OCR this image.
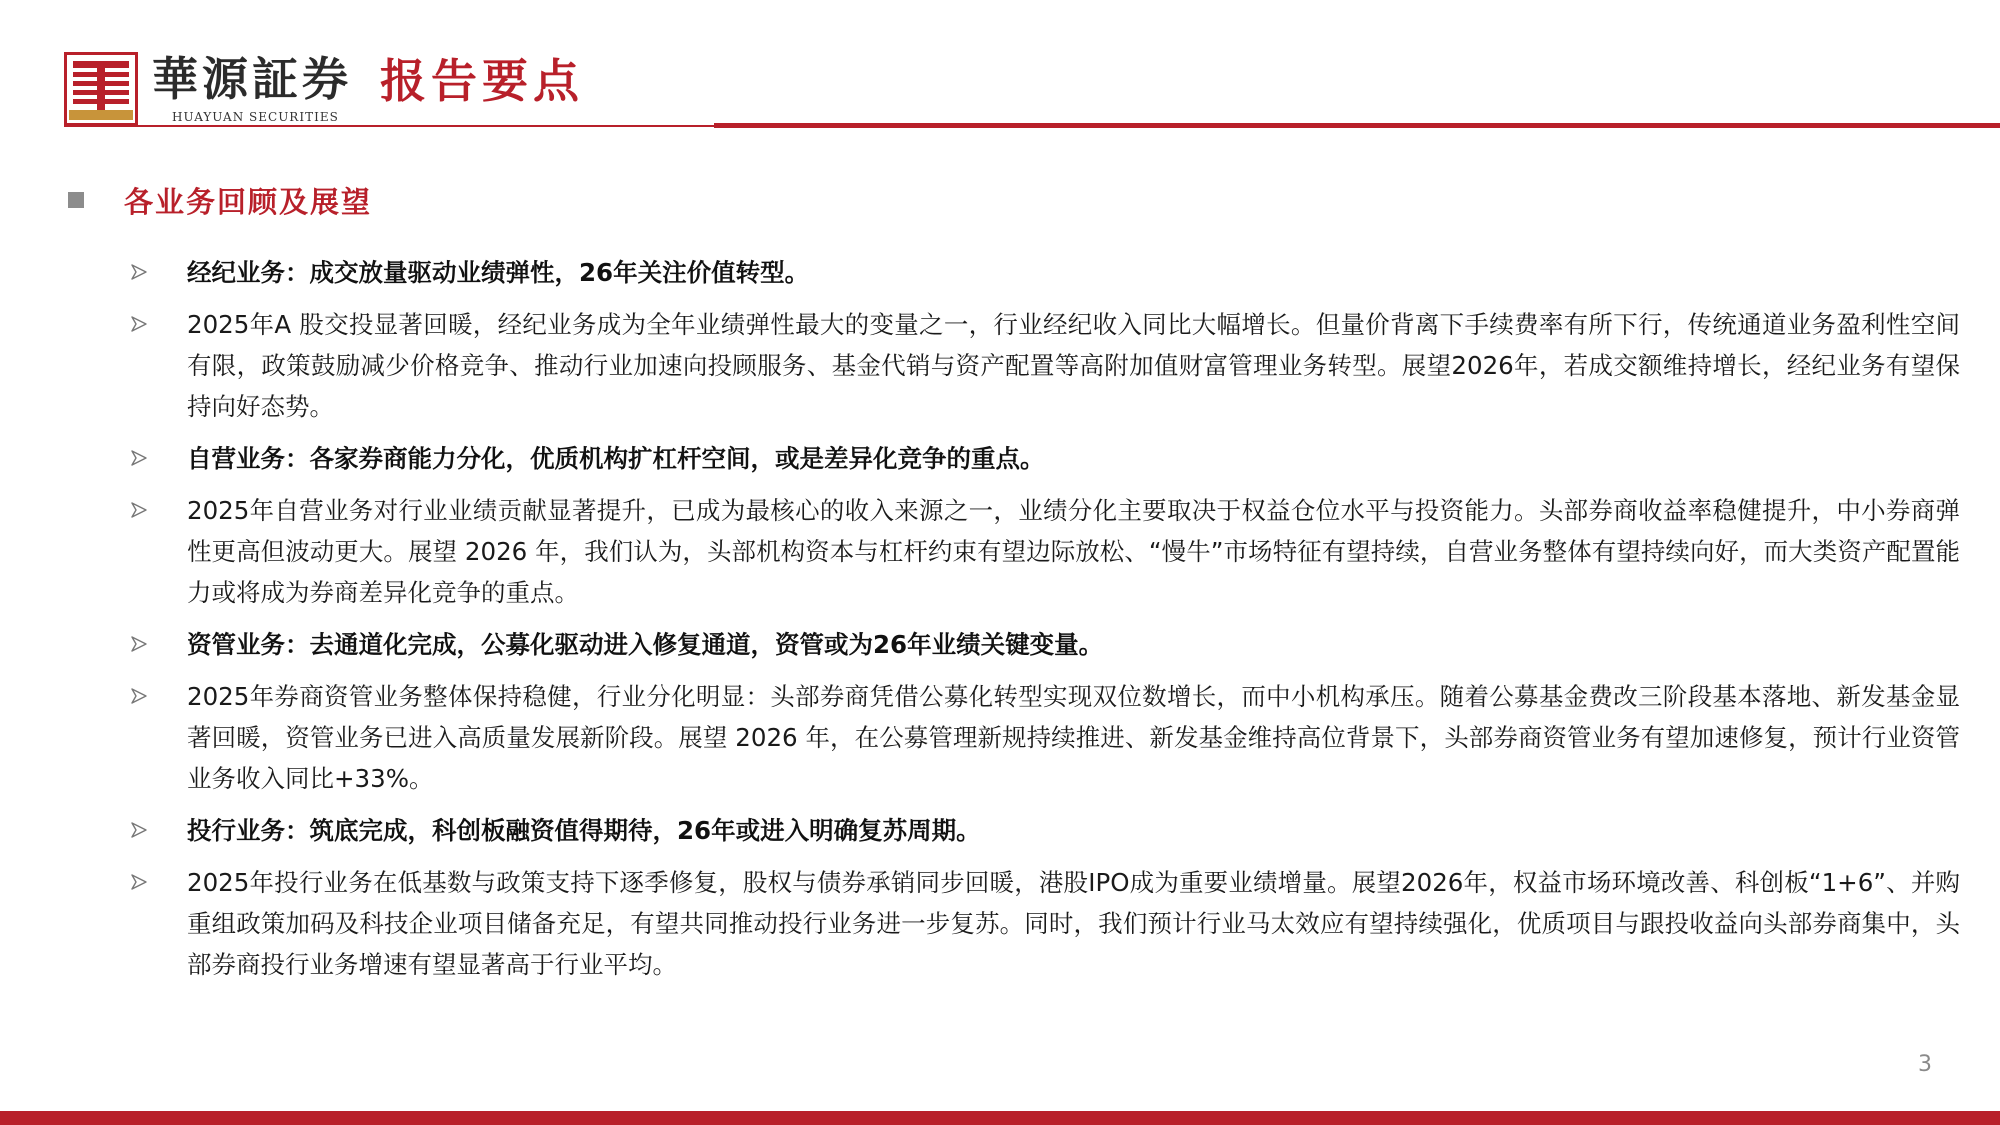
華源証券
HUAYUAN SECURITIES
报告要点
各业务回顾及展望
经纪业务：成交放量驱动业绩弹性，26年关注价值转型。
2025年A 股交投显著回暖，经纪业务成为全年业绩弹性最大的变量之一，行业经纪收入同比大幅增长。但量价背离下手续费率有所下行，传统通道业务盈利性空间有限，政策鼓励减少价格竞争、推动行业加速向投顾服务、基金代销与资产配置等高附加值财富管理业务转型。展望2026年，若成交额维持增长，经纪业务有望保持向好态势。
自营业务：各家券商能力分化，优质机构扩杠杆空间，或是差异化竞争的重点。
2025年自营业务对行业业绩贡献显著提升，已成为最核心的收入来源之一，业绩分化主要取决于权益仓位水平与投资能力。头部券商收益率稳健提升，中小券商弹性更高但波动更大。展望 2026 年，我们认为，头部机构资本与杠杆约束有望边际放松、“慢牛”市场特征有望持续，自营业务整体有望持续向好，而大类资产配置能力或将成为券商差异化竞争的重点。
资管业务：去通道化完成，公募化驱动进入修复通道，资管或为26年业绩关键变量。
2025年券商资管业务整体保持稳健，行业分化明显：头部券商凭借公募化转型实现双位数增长，而中小机构承压。随着公募基金费改三阶段基本落地、新发基金显著回暖，资管业务已进入高质量发展新阶段。展望 2026 年，在公募管理新规持续推进、新发基金维持高位背景下，头部券商资管业务有望加速修复，预计行业资管业务收入同比+33%。
投行业务：筑底完成，科创板融资值得期待，26年或进入明确复苏周期。
2025年投行业务在低基数与政策支持下逐季修复，股权与债券承销同步回暖，港股IPO成为重要业绩增量。展望2026年，权益市场环境改善、科创板“1+6”、并购重组政策加码及科技企业项目储备充足，有望共同推动投行业务进一步复苏。同时，我们预计行业马太效应有望持续强化，优质项目与跟投收益向头部券商集中，头部券商投行业务增速有望显著高于行业平均。
3
